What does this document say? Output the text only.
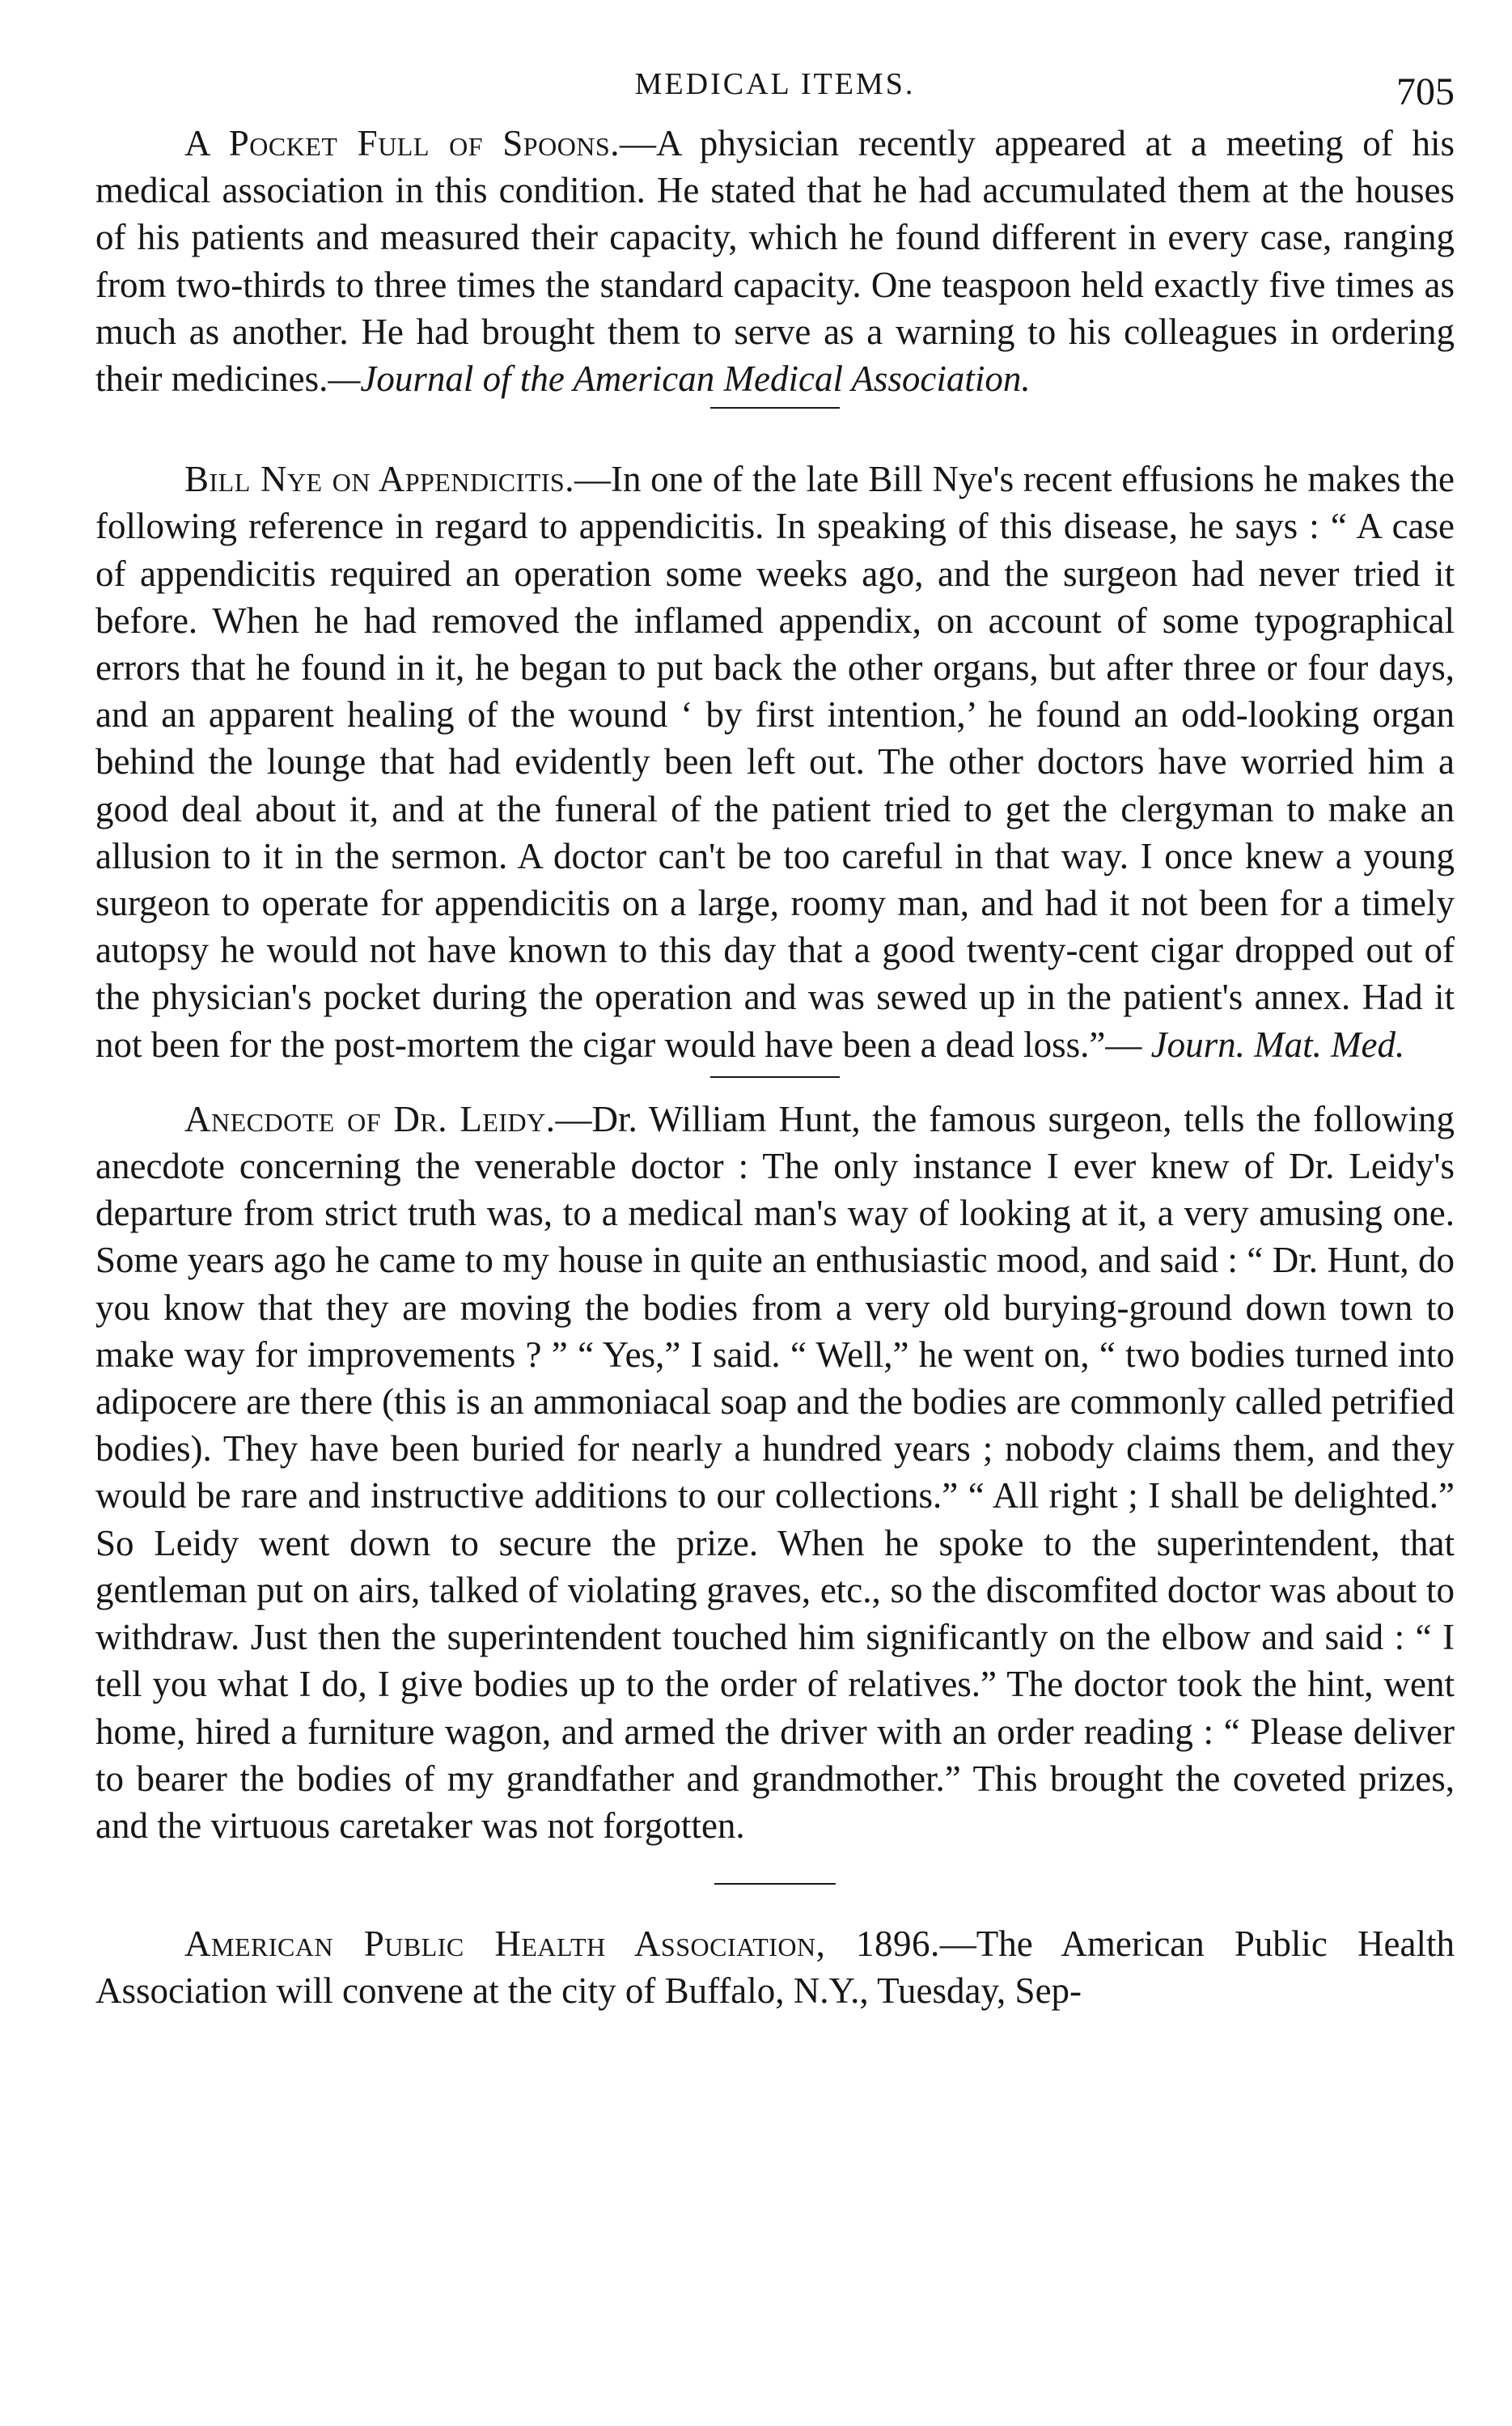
MEDICAL ITEMS.	705

A Pocket Full of Spoons.—A physician recently appeared at a meeting of his medical association in this condition. He stated that he had accumulated them at the houses of his patients and measured their capacity, which he found different in every case, ranging from two-thirds to three times the standard capacity. One teaspoon held exactly five times as much as another. He had brought them to serve as a warning to his colleagues in ordering their medicines.—Journal of the American Medical Association.

Bill Nye on Appendicitis.—In one of the late Bill Nye's recent effusions he makes the following reference in regard to appendicitis. In speaking of this disease, he says : “ A case of appendicitis required an operation some weeks ago, and the surgeon had never tried it before. When he had removed the inflamed appendix, on account of some typographical errors that he found in it, he began to put back the other organs, but after three or four days, and an apparent healing of the wound ‘ by first intention,’ he found an odd-looking organ behind the lounge that had evidently been left out. The other doctors have worried him a good deal about it, and at the funeral of the patient tried to get the clergyman to make an allusion to it in the sermon. A doctor can't be too careful in that way. I once knew a young surgeon to operate for appendicitis on a large, roomy man, and had it not been for a timely autopsy he would not have known to this day that a good twenty-cent cigar dropped out of the physician's pocket during the operation and was sewed up in the patient's annex. Had it not been for the post-mortem the cigar would have been a dead loss.”— Journ. Mat. Med.

Anecdote of Dr. Leidy.—Dr. William Hunt, the famous surgeon, tells the following anecdote concerning the venerable doctor : The only instance I ever knew of Dr. Leidy's departure from strict truth was, to a medical man's way of looking at it, a very amusing one. Some years ago he came to my house in quite an enthusiastic mood, and said : “ Dr. Hunt, do you know that they are moving the bodies from a very old burying-ground down town to make way for improvements ? ” “ Yes,” I said. “ Well,” he went on, “ two bodies turned into adipocere are there (this is an ammoniacal soap and the bodies are commonly called petrified bodies). They have been buried for nearly a hundred years ; nobody claims them, and they would be rare and instructive additions to our collections.” “ All right ; I shall be delighted.” So Leidy went down to secure the prize. When he spoke to the superintendent, that gentleman put on airs, talked of violating graves, etc., so the discomfited doctor was about to withdraw. Just then the superintendent touched him significantly on the elbow and said : “ I tell you what I do, I give bodies up to the order of relatives.” The doctor took the hint, went home, hired a furniture wagon, and armed the driver with an order reading : “ Please deliver to bearer the bodies of my grandfather and grandmother.” This brought the coveted prizes, and the virtuous caretaker was not forgotten.

American Public Health Association, 1896.—The American Public Health Association will convene at the city of Buffalo, N.Y., Tuesday, Sep-
